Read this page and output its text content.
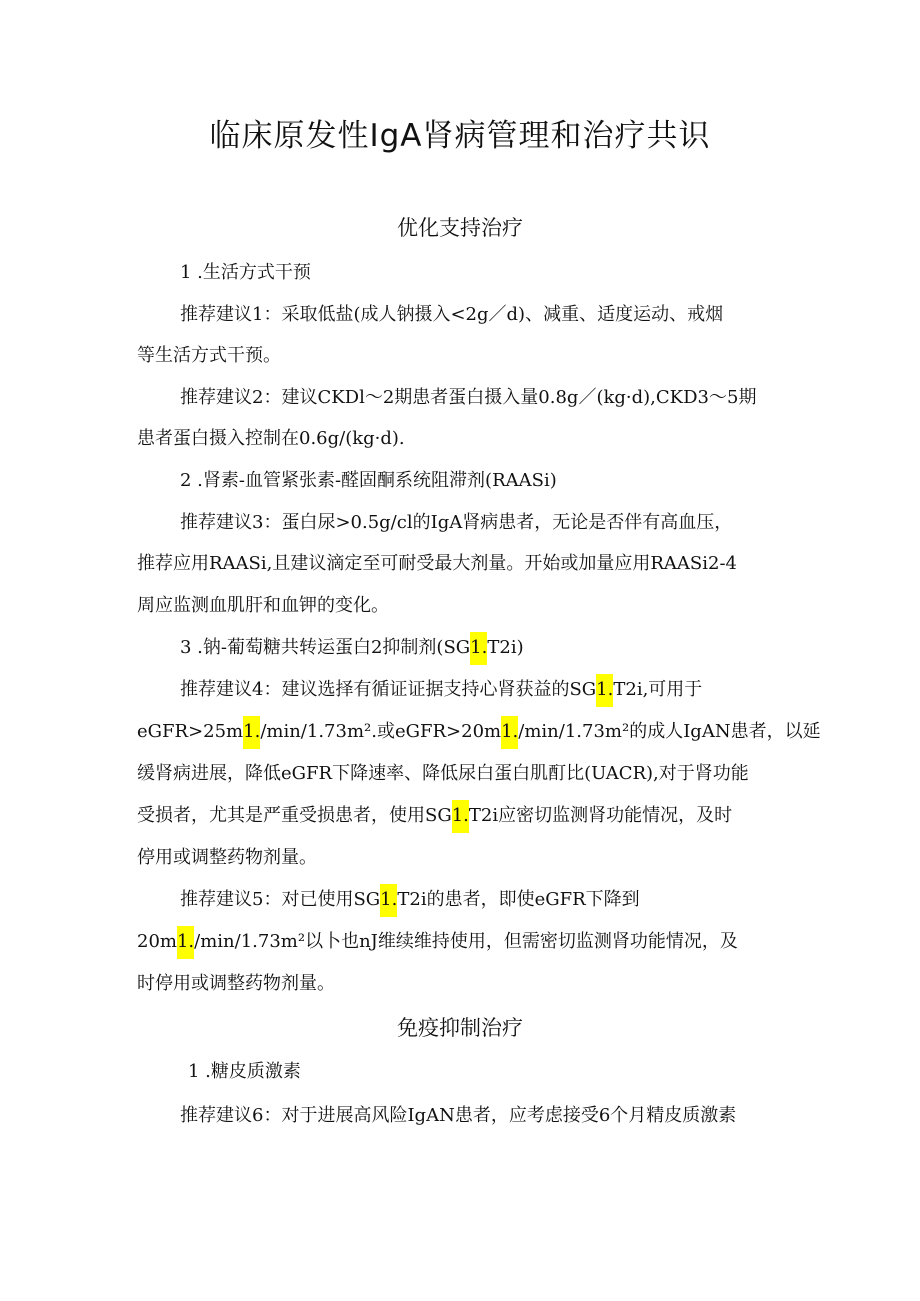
临床原发性IgA肾病管理和治疗共识
优化支持治疗

1 .生活方式干预

推荐建议1：采取低盐(成人钠摄入<2g／d)、减重、适度运动、戒烟

等生活方式干预。

推荐建议2：建议CKDl～2期患者蛋白摄入量0.8g／(kg·d),CKD3～5期

患者蛋白摄入控制在0.6g/(kg·d).

2 .肾素-血管紧张素-醛固酮系统阻滞剂(RAASi)

推荐建议3：蛋白尿>0.5g/cl的IgA肾病患者，无论是否伴有高血压，

推荐应用RAASi,且建议滴定至可耐受最大剂量。开始或加量应用RAASi2-4

周应监测血肌肝和血钾的变化。

3 .钠-葡萄糖共转运蛋白2抑制剂(SG1.T2i)

推荐建议4：建议选择有循证证据支持心肾获益的SG1.T2i,可用于

eGFR>25m1./min/1.73m².或eGFR>20m1./min/1.73m²的成人IgAN患者，以延

缓肾病进展，降低eGFR下降速率、降低尿白蛋白肌酊比(UACR),对于肾功能

受损者，尤其是严重受损患者，使用SG1.T2i应密切监测肾功能情况，及时

停用或调整药物剂量。

推荐建议5：对已使用SG1.T2i的患者，即使eGFR下降到

20m1./min/1.73m²以卜也nJ维续维持使用，但需密切监测肾功能情况，及

时停用或调整药物剂量。

免疫抑制治疗

1 .糖皮质激素

推荐建议6：对于进展高风险IgAN患者，应考虑接受6个月精皮质激素
